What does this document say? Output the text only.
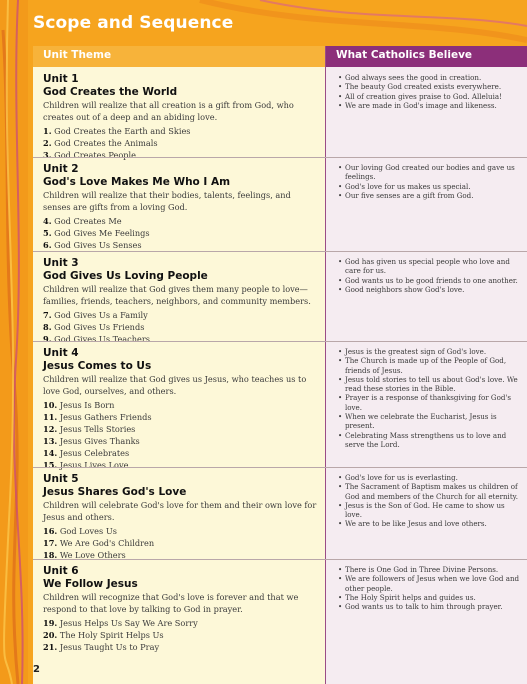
Scope and Sequence
Unit Theme	What Catholics Believe
Unit 1
God Creates the World
Children will realize that all creation is a gift from God, who creates out of a deep and an abiding love.
1. God Creates the Earth and Skies
2. God Creates the Animals
3. God Creates People
• God always sees the good in creation.
• The beauty God created exists everywhere.
• All of creation gives praise to God. Alleluia!
• We are made in God's image and likeness.
Unit 2
God's Love Makes Me Who I Am
Children will realize that their bodies, talents, feelings, and senses are gifts from a loving God.
4. God Creates Me
5. God Gives Me Feelings
6. God Gives Us Senses
• Our loving God created our bodies and gave us feelings.
• God's love for us makes us special.
• Our five senses are a gift from God.
Unit 3
God Gives Us Loving People
Children will realize that God gives them many people to love—families, friends, teachers, neighbors, and community members.
7. God Gives Us a Family
8. God Gives Us Friends
9. God Gives Us Teachers
• God has given us special people who love and care for us.
• God wants us to be good friends to one another.
• Good neighbors show God's love.
Unit 4
Jesus Comes to Us
Children will realize that God gives us Jesus, who teaches us to love God, ourselves, and others.
10. Jesus Is Born
11. Jesus Gathers Friends
12. Jesus Tells Stories
13. Jesus Gives Thanks
14. Jesus Celebrates
15. Jesus Lives Love
• Jesus is the greatest sign of God's love.
• The Church is made up of the People of God, friends of Jesus.
• Jesus told stories to tell us about God's love. We read these stories in the Bible.
• Prayer is a response of thanksgiving for God's love.
• When we celebrate the Eucharist, Jesus is present.
• Celebrating Mass strengthens us to love and serve the Lord.
Unit 5
Jesus Shares God's Love
Children will celebrate God's love for them and their own love for Jesus and others.
16. God Loves Us
17. We Are God's Children
18. We Love Others
• God's love for us is everlasting.
• The Sacrament of Baptism makes us children of God and members of the Church for all eternity.
• Jesus is the Son of God. He came to show us love.
• We are to be like Jesus and love others.
Unit 6
We Follow Jesus
Children will recognize that God's love is forever and that we respond to that love by talking to God in prayer.
19. Jesus Helps Us Say We Are Sorry
20. The Holy Spirit Helps Us
21. Jesus Taught Us to Pray
• There is One God in Three Divine Persons.
• We are followers of Jesus when we love God and other people.
• The Holy Spirit helps and guides us.
• God wants us to talk to him through prayer.
2
